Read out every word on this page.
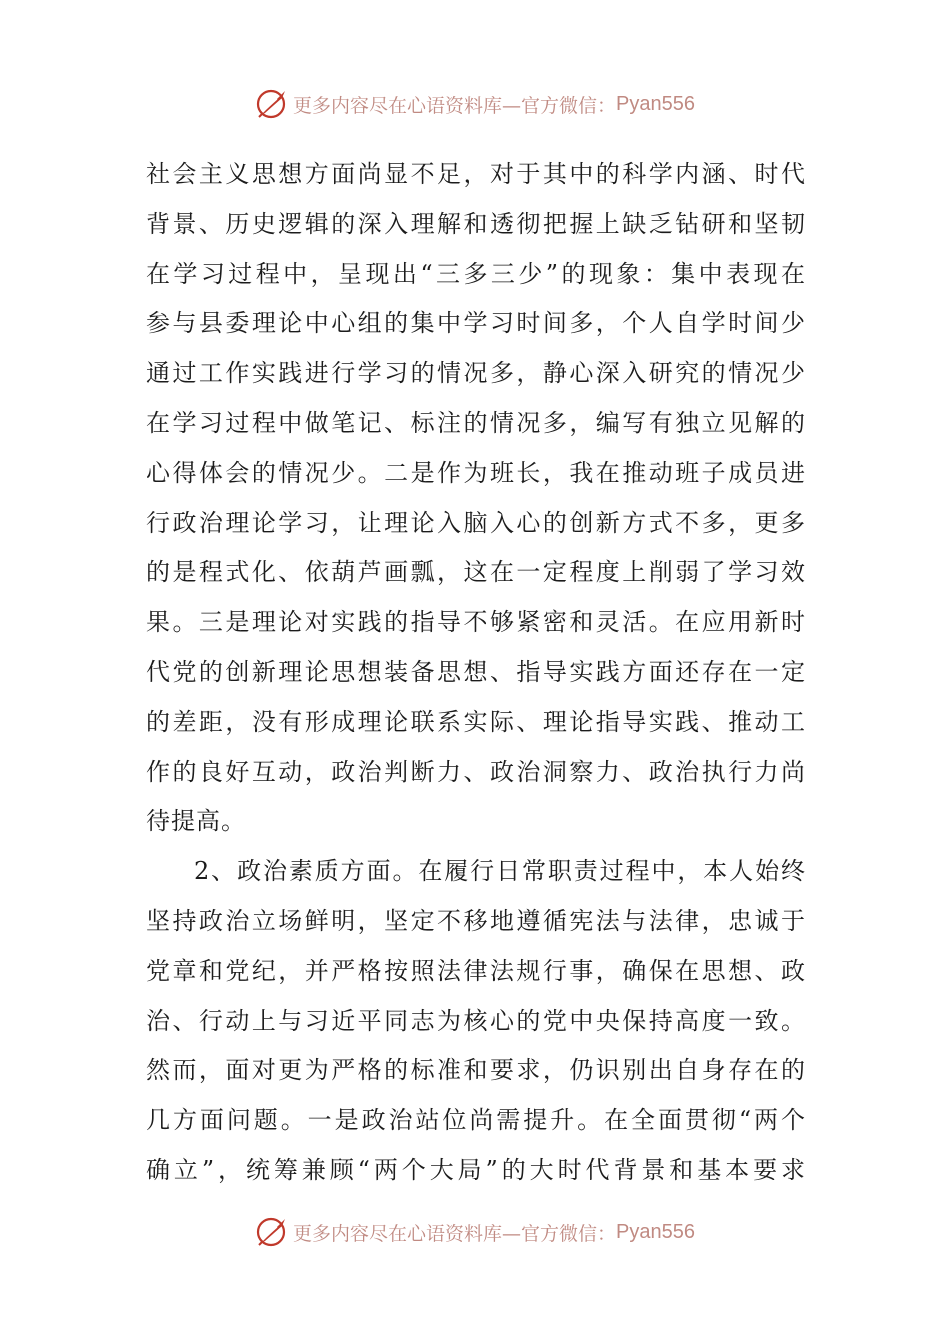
更多内容尽在心语资料库—官方微信： Pyan556
社会主义思想方面尚显不足，对于其中的科学内涵、时代
背景、历史逻辑的深入理解和透彻把握上缺乏钻研和坚韧
在学习过程中，呈现出“三多三少”的现象：集中表现在
参与县委理论中心组的集中学习时间多，个人自学时间少
通过工作实践进行学习的情况多，静心深入研究的情况少
在学习过程中做笔记、标注的情况多，编写有独立见解的
心得体会的情况少。二是作为班长，我在推动班子成员进
行政治理论学习，让理论入脑入心的创新方式不多，更多
的是程式化、依葫芦画瓢，这在一定程度上削弱了学习效
果。三是理论对实践的指导不够紧密和灵活。在应用新时
代党的创新理论思想装备思想、指导实践方面还存在一定
的差距，没有形成理论联系实际、理论指导实践、推动工
作的良好互动，政治判断力、政治洞察力、政治执行力尚
待提高。
2、政治素质方面。在履行日常职责过程中，本人始终
坚持政治立场鲜明，坚定不移地遵循宪法与法律，忠诚于
党章和党纪，并严格按照法律法规行事，确保在思想、政
治、行动上与习近平同志为核心的党中央保持高度一致。
然而，面对更为严格的标准和要求，仍识别出自身存在的
几方面问题。一是政治站位尚需提升。在全面贯彻“两个
确立”，统筹兼顾“两个大局”的大时代背景和基本要求
更多内容尽在心语资料库—官方微信： Pyan556
